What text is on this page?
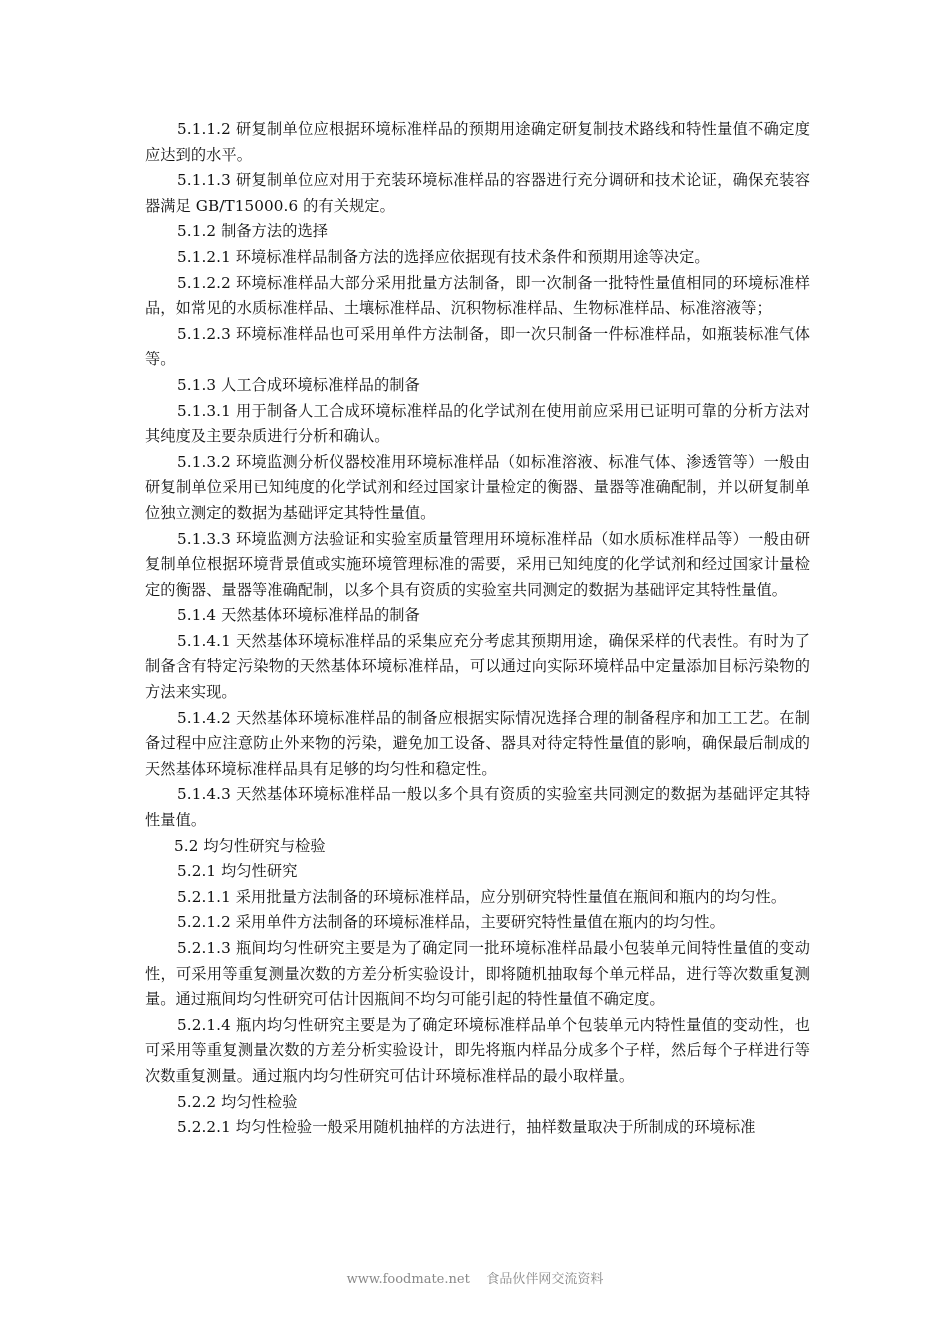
5.1.1.2 研复制单位应根据环境标准样品的预期用途确定研复制技术路线和特性量值不确定度应达到的水平。

5.1.1.3 研复制单位应对用于充装环境标准样品的容器进行充分调研和技术论证，确保充装容器满足 GB/T15000.6 的有关规定。

5.1.2 制备方法的选择

5.1.2.1 环境标准样品制备方法的选择应依据现有技术条件和预期用途等决定。

5.1.2.2 环境标准样品大部分采用批量方法制备，即一次制备一批特性量值相同的环境标准样品，如常见的水质标准样品、土壤标准样品、沉积物标准样品、生物标准样品、标准溶液等；

5.1.2.3 环境标准样品也可采用单件方法制备，即一次只制备一件标准样品，如瓶装标准气体等。

5.1.3 人工合成环境标准样品的制备

5.1.3.1 用于制备人工合成环境标准样品的化学试剂在使用前应采用已证明可靠的分析方法对其纯度及主要杂质进行分析和确认。

5.1.3.2 环境监测分析仪器校准用环境标准样品（如标准溶液、标准气体、渗透管等）一般由研复制单位采用已知纯度的化学试剂和经过国家计量检定的衡器、量器等准确配制，并以研复制单位独立测定的数据为基础评定其特性量值。

5.1.3.3 环境监测方法验证和实验室质量管理用环境标准样品（如水质标准样品等）一般由研复制单位根据环境背景值或实施环境管理标准的需要，采用已知纯度的化学试剂和经过国家计量检定的衡器、量器等准确配制，以多个具有资质的实验室共同测定的数据为基础评定其特性量值。

5.1.4 天然基体环境标准样品的制备

5.1.4.1 天然基体环境标准样品的采集应充分考虑其预期用途，确保采样的代表性。有时为了制备含有特定污染物的天然基体环境标准样品，可以通过向实际环境样品中定量添加目标污染物的方法来实现。

5.1.4.2 天然基体环境标准样品的制备应根据实际情况选择合理的制备程序和加工工艺。在制备过程中应注意防止外来物的污染，避免加工设备、器具对待定特性量值的影响，确保最后制成的天然基体环境标准样品具有足够的均匀性和稳定性。

5.1.4.3 天然基体环境标准样品一般以多个具有资质的实验室共同测定的数据为基础评定其特性量值。

5.2 均匀性研究与检验

5.2.1 均匀性研究

5.2.1.1 采用批量方法制备的环境标准样品，应分别研究特性量值在瓶间和瓶内的均匀性。

5.2.1.2 采用单件方法制备的环境标准样品，主要研究特性量值在瓶内的均匀性。

5.2.1.3 瓶间均匀性研究主要是为了确定同一批环境标准样品最小包装单元间特性量值的变动性，可采用等重复测量次数的方差分析实验设计，即将随机抽取每个单元样品，进行等次数重复测量。通过瓶间均匀性研究可估计因瓶间不均匀可能引起的特性量值不确定度。

5.2.1.4 瓶内均匀性研究主要是为了确定环境标准样品单个包装单元内特性量值的变动性，也可采用等重复测量次数的方差分析实验设计，即先将瓶内样品分成多个子样，然后每个子样进行等次数重复测量。通过瓶内均匀性研究可估计环境标准样品的最小取样量。

5.2.2 均匀性检验

5.2.2.1 均匀性检验一般采用随机抽样的方法进行，抽样数量取决于所制成的环境标准

www.foodmate.net 食品伙伴网交流资料
